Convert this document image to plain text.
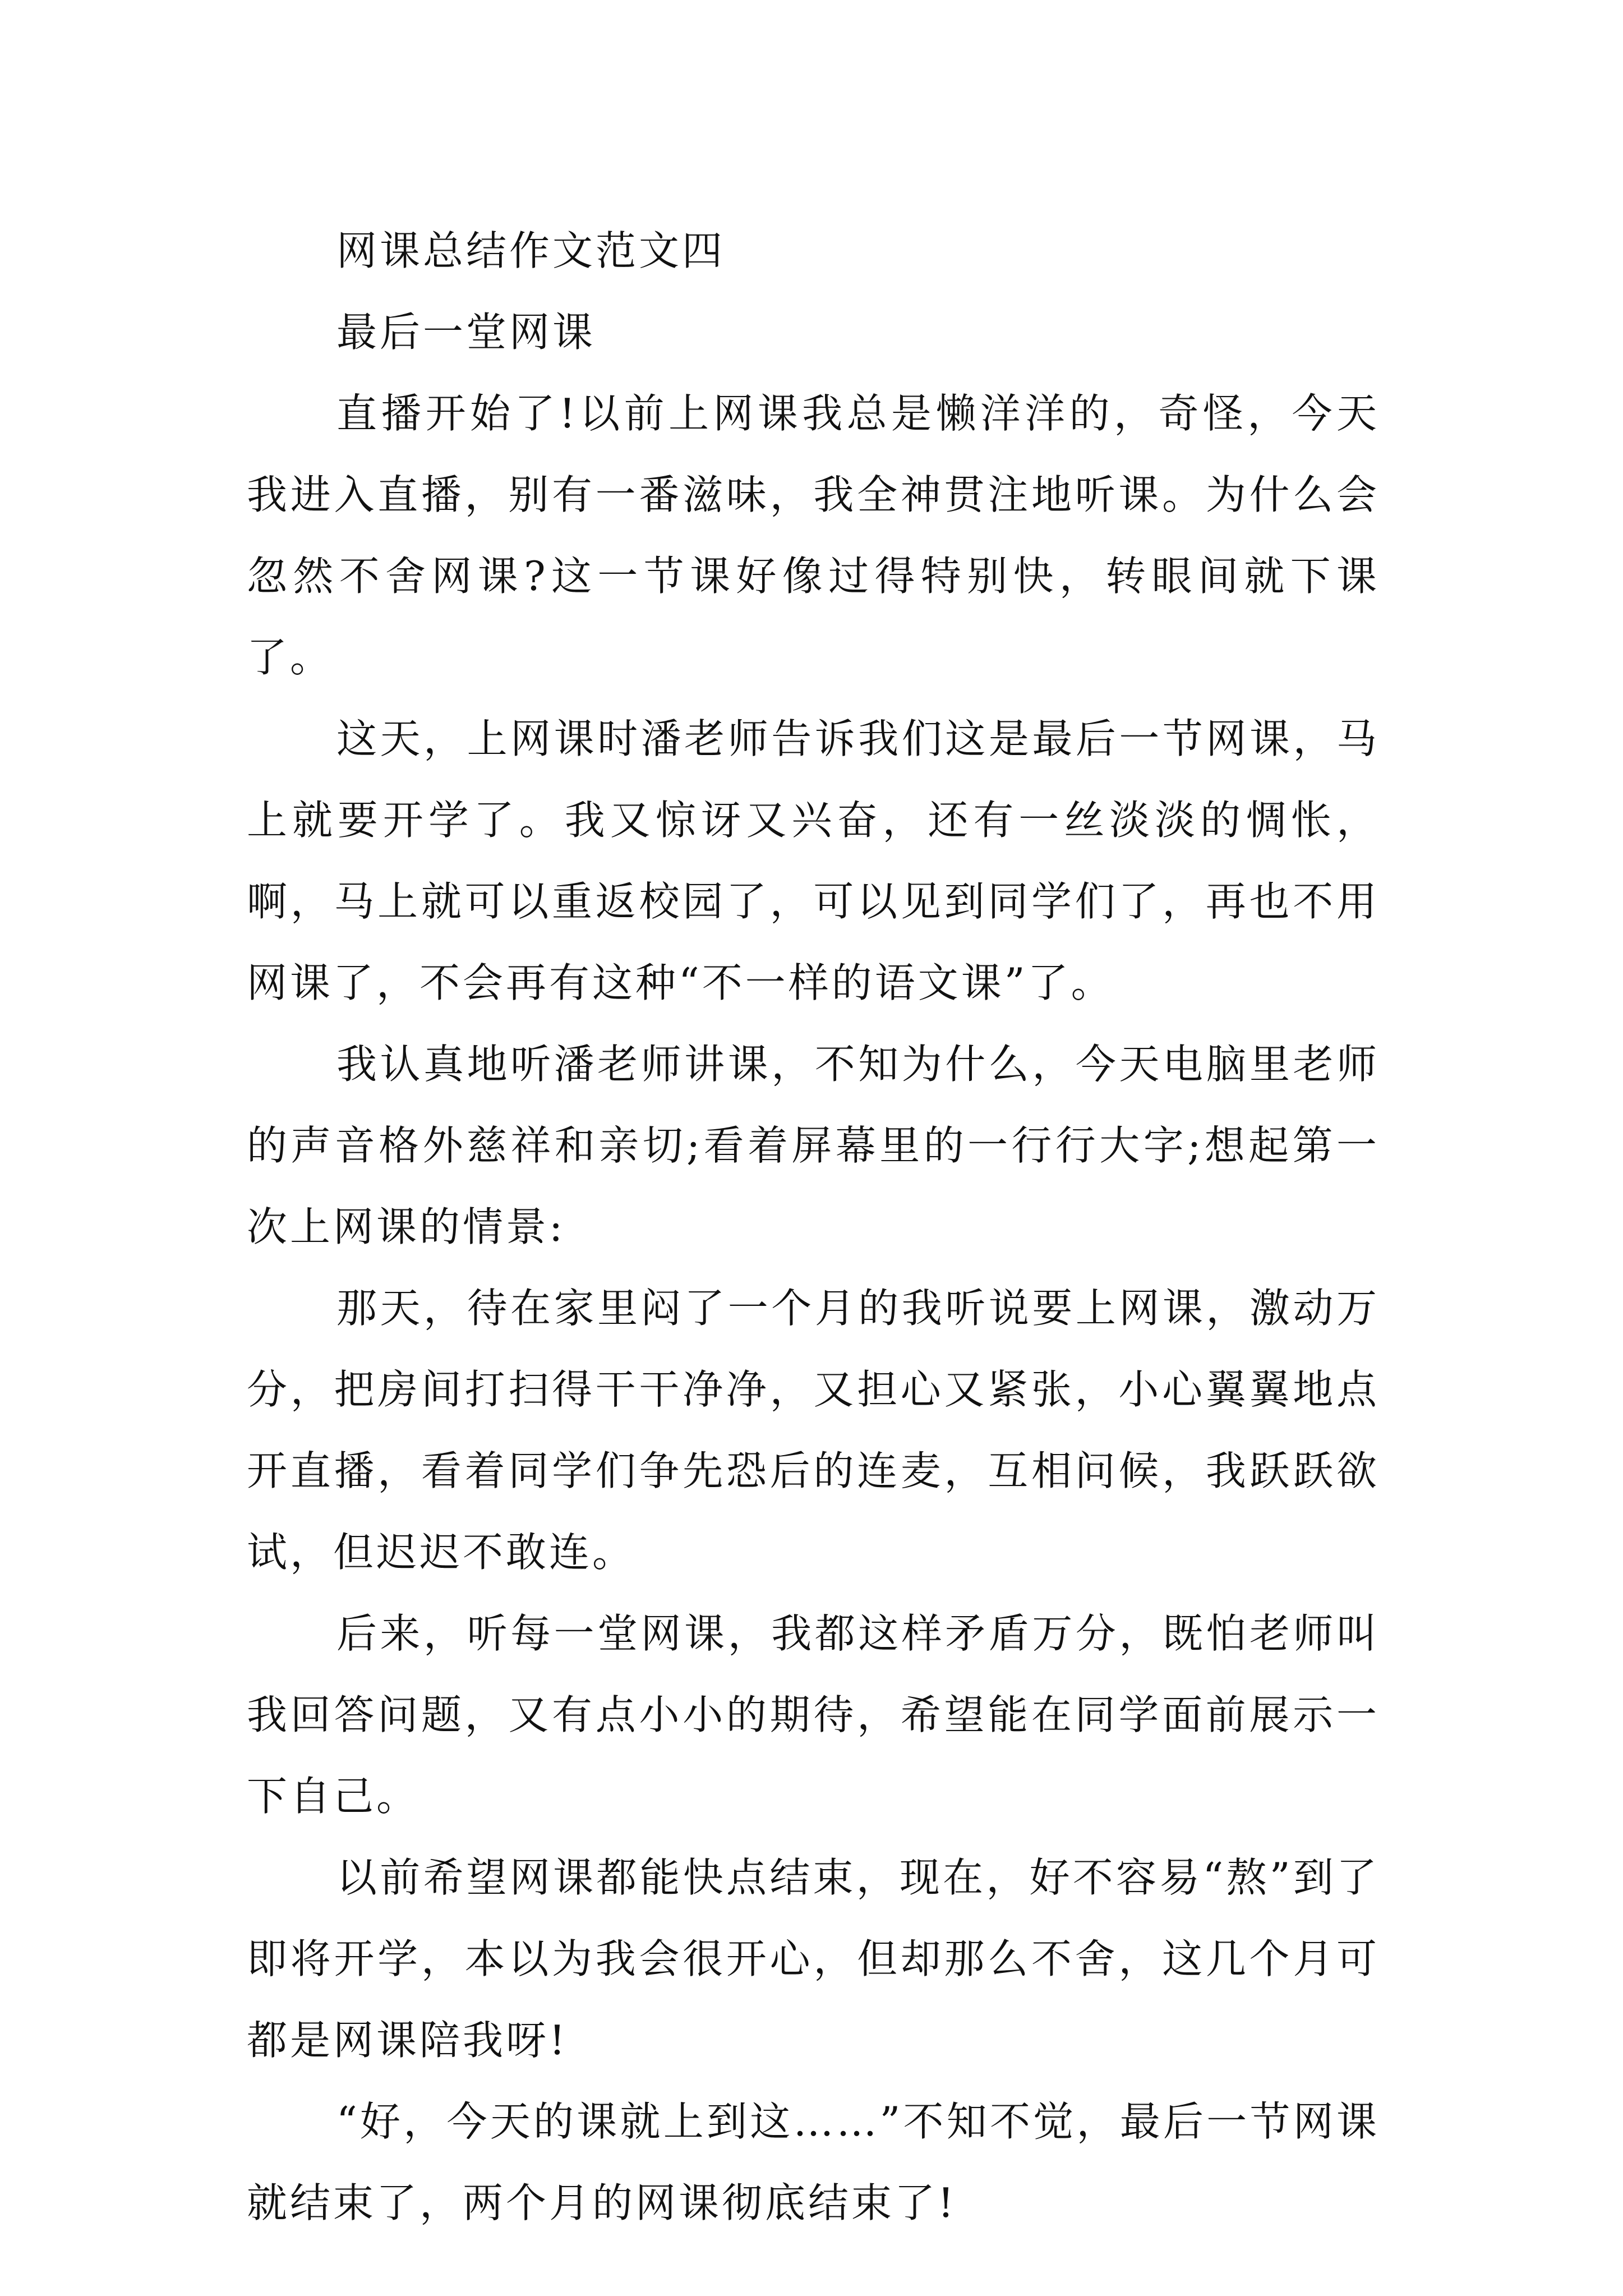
网课总结作文范文四
最后一堂网课

直播开始了!以前上网课我总是懒洋洋的，奇怪，今天我进入直播，别有一番滋味，我全神贯注地听课。为什么会忽然不舍网课?这一节课好像过得特别快，转眼间就下课了。

这天，上网课时潘老师告诉我们这是最后一节网课，马上就要开学了。我又惊讶又兴奋，还有一丝淡淡的惆怅，啊，马上就可以重返校园了，可以见到同学们了，再也不用网课了，不会再有这种“不一样的语文课”了。

我认真地听潘老师讲课，不知为什么，今天电脑里老师的声音格外慈祥和亲切;看着屏幕里的一行行大字;想起第一次上网课的情景:

那天，待在家里闷了一个月的我听说要上网课，激动万分，把房间打扫得干干净净，又担心又紧张，小心翼翼地点开直播，看着同学们争先恐后的连麦，互相问候，我跃跃欲试，但迟迟不敢连。

后来，听每一堂网课，我都这样矛盾万分，既怕老师叫我回答问题，又有点小小的期待，希望能在同学面前展示一下自己。

以前希望网课都能快点结束，现在，好不容易“熬”到了即将开学，本以为我会很开心，但却那么不舍，这几个月可都是网课陪我呀!

“好，今天的课就上到这……”不知不觉，最后一节网课就结束了，两个月的网课彻底结束了!
